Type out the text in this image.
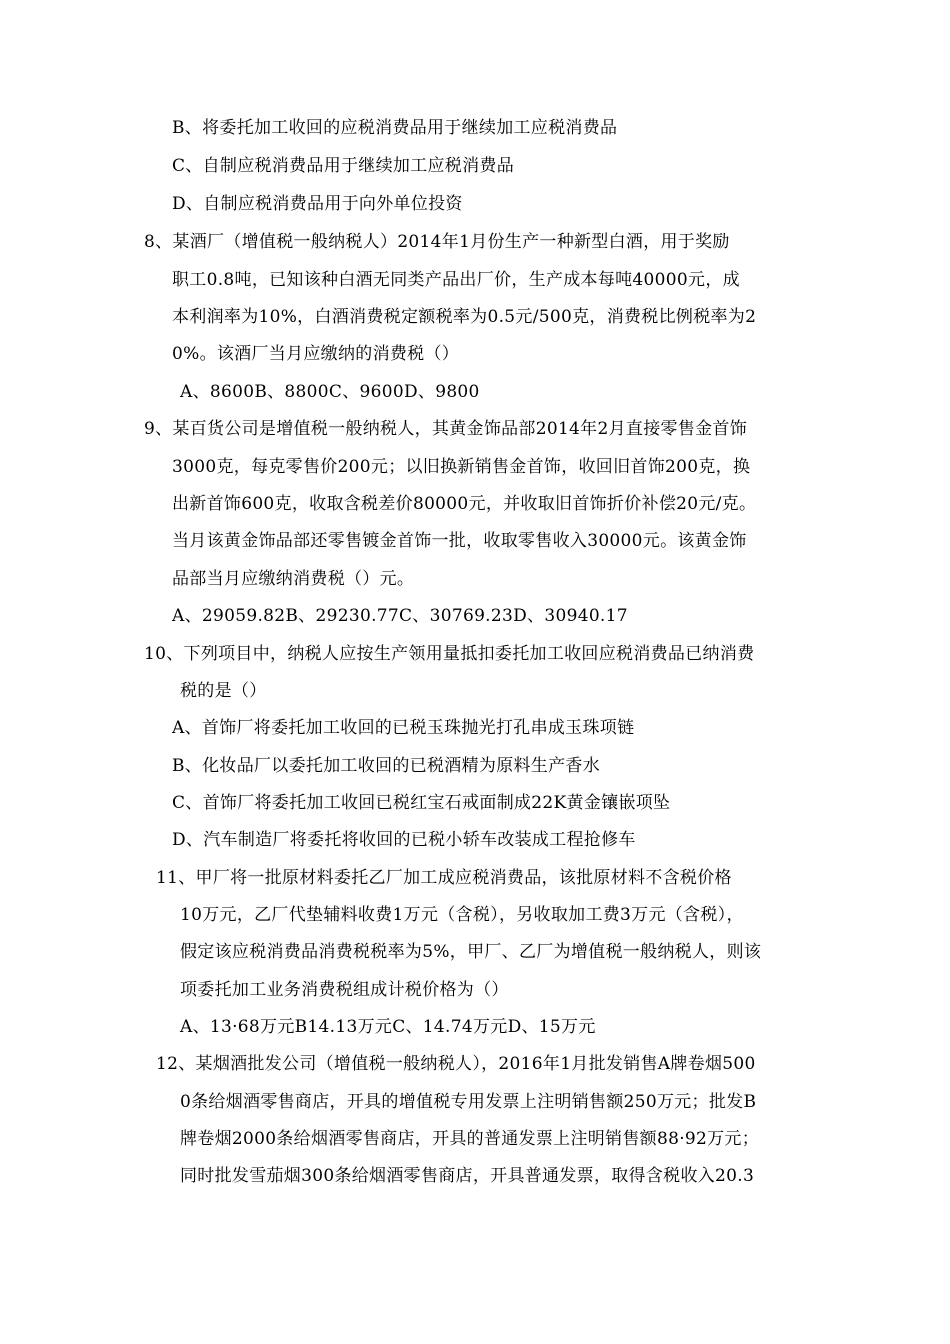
B、将委托加工收回的应税消费品用于继续加工应税消费品
C、自制应税消费品用于继续加工应税消费品
D、自制应税消费品用于向外单位投资
8、某酒厂（增值税一般纳税人）2014年1月份生产一种新型白酒，用于奖励
职工0.8吨，已知该种白酒无同类产品出厂价，生产成本每吨40000元，成
本利润率为10%，白酒消费税定额税率为0.5元/500克，消费税比例税率为2
0%。该酒厂当月应缴纳的消费税（）
A、8600B、8800C、9600D、9800
9、某百货公司是增值税一般纳税人，其黄金饰品部2014年2月直接零售金首饰
3000克，每克零售价200元；以旧换新销售金首饰，收回旧首饰200克，换
出新首饰600克，收取含税差价80000元，并收取旧首饰折价补偿20元/克。
当月该黄金饰品部还零售镀金首饰一批，收取零售收入30000元。该黄金饰
品部当月应缴纳消费税（）元。
A、29059.82B、29230.77C、30769.23D、30940.17
10、下列项目中，纳税人应按生产领用量抵扣委托加工收回应税消费品已纳消费
税的是（）
A、首饰厂将委托加工收回的已税玉珠抛光打孔串成玉珠项链
B、化妆品厂以委托加工收回的已税酒精为原料生产香水
C、首饰厂将委托加工收回已税红宝石戒面制成22K黄金镶嵌项坠
D、汽车制造厂将委托将收回的已税小轿车改装成工程抢修车
11、甲厂将一批原材料委托乙厂加工成应税消费品，该批原材料不含税价格
10万元，乙厂代垫辅料收费1万元（含税），另收取加工费3万元（含税），
假定该应税消费品消费税税率为5%，甲厂、乙厂为增值税一般纳税人，则该
项委托加工业务消费税组成计税价格为（）
A、13·68万元B14.13万元C、14.74万元D、15万元
12、某烟酒批发公司（增值税一般纳税人），2016年1月批发销售A牌卷烟500
0条给烟酒零售商店，开具的增值税专用发票上注明销售额250万元；批发B
牌卷烟2000条给烟酒零售商店，开具的普通发票上注明销售额88·92万元；
同时批发雪茄烟300条给烟酒零售商店，开具普通发票，取得含税收入20.3
